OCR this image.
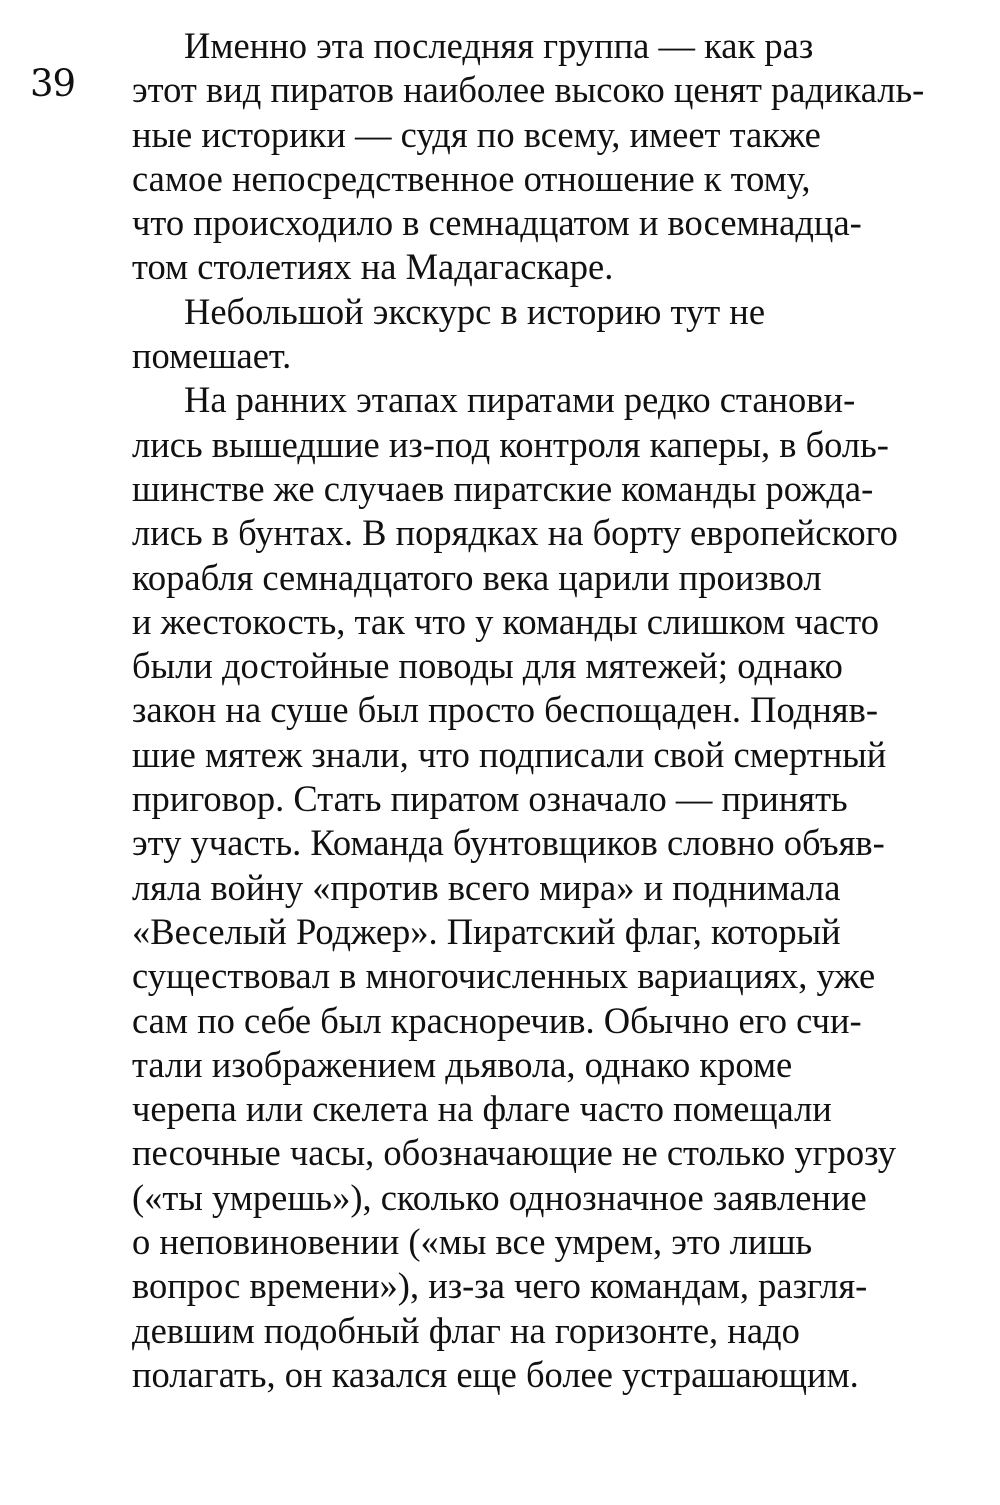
39
Именно эта последняя группа — как раз
этот вид пиратов наиболее высоко ценят радикаль-
ные историки — судя по всему, имеет также
самое непосредственное отношение к тому,
что происходило в семнадцатом и восемнадца-
том столетиях на Мадагаскаре.
Небольшой экскурс в историю тут не
помешает.
На ранних этапах пиратами редко станови-
лись вышедшие из-под контроля каперы, в боль-
шинстве же случаев пиратские команды рожда-
лись в бунтах. В порядках на борту европейского
корабля семнадцатого века царили произвол
и жестокость, так что у команды слишком часто
были достойные поводы для мятежей; однако
закон на суше был просто беспощаден. Подняв-
шие мятеж знали, что подписали свой смертный
приговор. Стать пиратом означало — принять
эту участь. Команда бунтовщиков словно объяв-
ляла войну «против всего мира» и поднимала
«Веселый Роджер». Пиратский флаг, который
существовал в многочисленных вариациях, уже
сам по себе был красноречив. Обычно его счи-
тали изображением дьявола, однако кроме
черепа или скелета на флаге часто помещали
песочные часы, обозначающие не столько угрозу
(«ты умрешь»), сколько однозначное заявление
о неповиновении («мы все умрем, это лишь
вопрос времени»), из-за чего командам, разгля-
девшим подобный флаг на горизонте, надо
полагать, он казался еще более устрашающим.
